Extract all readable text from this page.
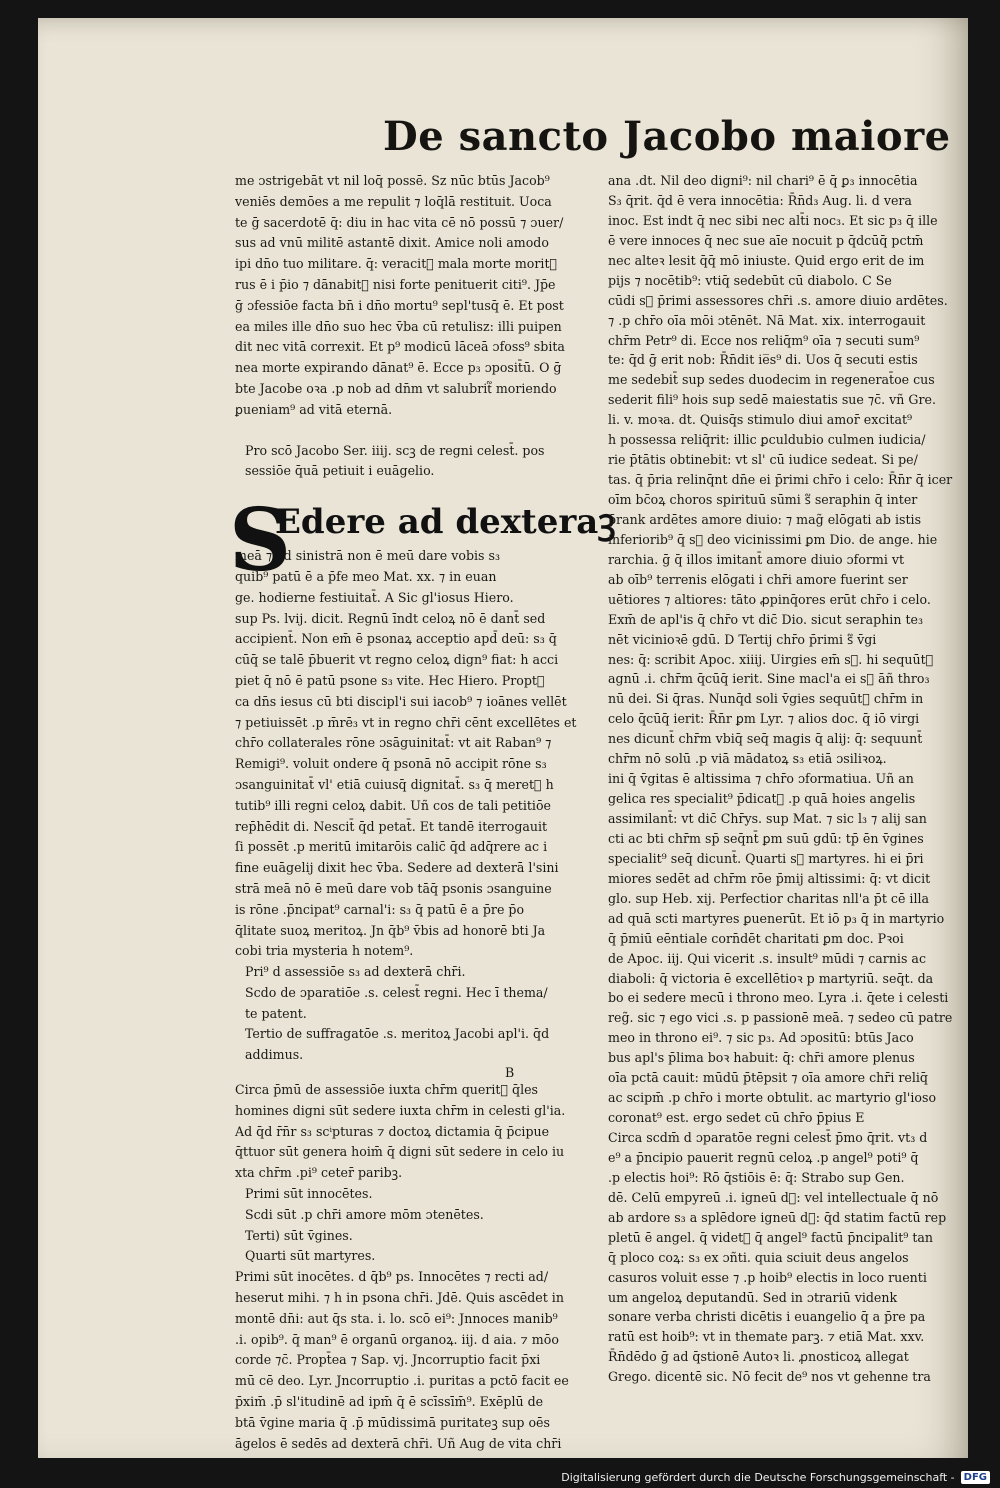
De sancto Jacobo maiore
me ɔstrigebāt vt nil loq̄ possē. Sz nūc btūs Jacob⁹
veniēs demōes a me repulit ⁊ loq̄lā restituit. Uoca
te ḡ sacerdotē q̄: diu in hac vita cē nō possū ⁊ ɔuer/
sus ad vnū militē astantē dixit. Amice noli amodo
ipi dn̄o tuo militare. q̄: veracit᷑ mala morte morit᷑
rus ē i p̄io ⁊ dānabit᷑ nisi forte penituerit citi⁹. Jp̄e
ḡ ɔfessiōe facta bn̄ i dn̄o mortu⁹ sepl'tusq̄ ē. Et post
ea miles ille dn̄o suo hec v̄ba cū retulisz: illi puipen
dit nec vitā correxit. Et p⁹ modicū lāceā ɔfoss⁹ sbita
nea morte expirando dānat⁹ ē. Ecce p₃ ɔposit̄ū. O ḡ
bte Jacobe oꝛa .p nob ad dn̄m vt salubrit᷑ moriendo
ꝑueniam⁹ ad vitā eternā.
Pro scō Jacobo Ser. iiij. scꝫ de regni celest̄. pos
sessiōe q̄uā petiuit i euāgelio.
S
Edere ad dexteraꝫ
meā ⁊ ad sinistrā non ē meū dare vobis s₃
quib⁹ patū ē a p̄fe meo Mat. xx. ⁊ in euan
ge. hodierne festiuitat̄. A Sic gl'iosus Hiero.
sup Ps. lvij. dicit. Regnū īndt celoꝝ nō ē dant̄ sed
accipient̄. Non em̄ ē psonaꝝ acceptio apd̄ deū: s₃ q̄
cūq̄ se talē p̄buerit vt regno celoꝝ dign⁹ fiat: h acci
piet q̄ nō ē patū psone s₃ vite. Hec Hiero. Propt᷑
ca dn̄s iesus cū bti discipl'i sui iacob⁹ ⁊ ioānes vellēt
⁊ petiuissēt .p m̄rē₃ vt in regno chr̄i cēnt excellētes et
chr̄o collaterales rōne ɔsāguinitat̄: vt ait Raban⁹ ⁊
Remigi⁹. voluit ondere q̄ psonā nō accipit rōne s₃
ɔsanguinitat̄ vl' etiā cuiusq̄ dignitat̄. s₃ q̄ meret᷑ h
tutib⁹ illi regni celoꝝ dabit. Uñ cos de tali petitiōe
rep̄hēdit di. Nescit̄ q̄d petat̄. Et tandē iterrogauit
ſi possēt .p meritū imitarōis calic̄ q̄d adq̄rere ac i
fine euāgelij dixit hec v̄ba. Sedere ad dexterā l'sini
strā meā nō ē meū dare vob tāq̄ psonis ɔsanguine
is rōne .p̄ncipat⁹ carnal'i: s₃ q̄ patū ē a p̄re p̄o
q̄litate suoꝝ meritoꝝ. Jn q̄b⁹ v̄bis ad honorē bti Ja
cobi tria mysteria h notem⁹.
Pri⁹ d assessiōe s₃ ad dexterā chr̄i.
Scdo de ɔparatiōe .s. celest̄ regni. Hec ī thema/
te patent.
Tertio de suffragatōe .s. meritoꝝ Jacobi apl'i. q̄d
addimus.
B
Circa p̄mū de assessiōe iuxta chr̄m querit᷑ q̄les
homines digni sūt sedere iuxta chr̄m in celesti gl'ia.
Ad q̄d r̄n̄r s₃ scⁱpturas ⁊ doctoꝝ dictamia q̄ p̄cipue
q̄ttuor sūt genera hoim̄ q̄ digni sūt sedere in celo iu
xta chr̄m .pi⁹ ceter̄ paribꝫ.
Primi sūt innocētes.
Scdi sūt .p chr̄i amore mōm ɔtenētes.
Terti) sūt v̄gines.
Quarti sūt martyres.
Primi sūt inocētes. d q̄b⁹ ps. Innocētes ⁊ recti ad/
heserut mihi. ⁊ h in psona chr̄i. Jdē. Quis ascēdet in
montē dn̄i: aut q̄s sta. i. lo. scō ei⁹: Jnnoces manib⁹
.i. opib⁹. q̄ man⁹ ē organū organoꝝ. iij. d aia. ⁊ mōo
corde ⁊c̄. Propt̄ea ⁊ Sap. vj. Jncorruptio facit p̄xi
mū cē deo. Lyr. Jncorruptio .i. puritas a pctō facit ee
p̄xim̄ .p̄ sl'itudinē ad ipm̄ q̄ ē scīssīm̄⁹. Exēplū de
btā v̄gine maria q̄ .p̄ mūdissimā puritateꝫ sup oēs
āgelos ē sedēs ad dexterā chr̄i. Uñ Aug de vita chr̄i
ana .dt. Nil deo digni⁹: nil chari⁹ ē q̄ ꝑ₃ innocētia
S₃ q̄rit. q̄d ē vera innocētia: R̄n̄d₃ Aug. li. d vera
inoc. Est indt q̄ nec sibi nec alt̄i noc₃. Et sic p₃ q̄ ille
ē vere innoces q̄ nec sue aīe nocuit p q̄dcūq̄ pctm̄
nec alteꝛ lesit q̄q̄ mō iniuste. Quid ergo erit de im
pijs ⁊ nocētib⁹: vtiq̄ sedebūt cū diabolo. C Se
cūdi s᷑ p̄rimi assessores chr̄i .s. amore diuio ardētes.
⁊ .p chr̄o oīa mōi ɔtēnēt. Nā Mat. xix. interrogauit
chr̄m Petr⁹ di. Ecce nos reliq̄m⁹ oīa ⁊ secuti sum⁹
te: q̄d ḡ erit nob: R̄n̄dit ie̅s⁹ di. Uos q̄ secuti estis
me sedebit̄ sup sedes duodecim in regenerat̄oe cus
sederit fili⁹ hois sup sedē maiestatis sue ⁊c̄. vñ Gre.
li. v. moꝛa. dt. Quisq̄s stimulo diui amor̄ excitat⁹
h possessa reliq̄rit: illic ꝑculdubio culmen iudicia/
rie p̄tātis obtinebit: vt sl' cū iudice sedeat. Si pe/
tas. q̄ p̄ria relinq̄nt dn̄e ei p̄rimi chr̄o i celo: R̄n̄r q̄ icer
oīm bc̄oꝝ choros spirituū sūmi s᷑ seraphin q̄ inter
p̄rank ardētes amore diuio: ⁊ mag̃ elōgati ab istis
inferiorib⁹ q̄ s᷑ deo vicinissimi ꝑm Dio. de ange. hie
rarchia. ḡ q̄ illos imitant̄ amore diuio ɔformi vt
ab oīb⁹ terrenis elōgati i chr̄i amore fuerint ser
uētiores ⁊ altiores: tāto ꝓpinq̄ores erūt chr̄o i celo.
Exm̄ de apl'is q̄ chr̄o vt dic̄ Dio. sicut seraphin te₃
nēt vicinioꝛē gdū. D Tertij chr̄o p̄rimi s᷑ v̄gi
nes: q̄: scribit Apoc. xiiij. Uirgies em̄ s᷑. hi sequūt᷑
agnū .i. chr̄m q̄cūq̄ ierit. Sine macl'a ei s᷑ āñ thro₃
nū dei. Si q̄ras. Nunq̄d soli v̄gies sequūt᷑ chr̄m in
celo q̄cūq̄ ierit: R̄n̄r ꝑm Lyr. ⁊ alios doc. q̄ iō virgi
nes dicunt̄ chr̄m vbiq̄ seq̄ magis q̄ alij: q̄: sequunt̄
chr̄m nō solū .p viā mādatoꝝ s₃ etiā ɔsiliꝛoꝝ.
ini q̄ v̄gitas ē altissima ⁊ chr̄o ɔformatiua. Uñ an
gelica res specialit⁹ p̄dicat᷑ .p quā hoies angelis
assimilant̄: vt dic̄ Chr̄ys. sup Mat. ⁊ sic l₃ ⁊ alij san
cti ac bti chr̄m sp̄ seq̄nt̄ ꝑm suū gdū: tp̄ ēn v̄gines
specialit⁹ seq̄ dicunt̄. Quarti s᷑ martyres. hi ei p̄ri
miores sedēt ad chr̄m rōe p̄mij altissimi: q̄: vt dicit
glo. sup Heb. xij. Perfectior charitas nll'a p̄t cē illa
ad quā scti martyres ꝑuenerūt. Et iō p₃ q̄ in martyrio
q̄ p̄miū eēntiale corn̄dēt charitati ꝑm doc. Pꝛoi
de Apoc. iij. Qui vicerit .s. insult⁹ mūdi ⁊ carnis ac
diaboli: q̄ victoria ē excellētioꝛ p martyriū. seq̄t. da
bo ei sedere mecū i throno meo. Lyra .i. q̄ete i celesti
reg̃. sic ⁊ ego vici .s. p passionē meā. ⁊ sedeo cū patre
meo in throno ei⁹. ⁊ sic p₃. Ad ɔpositū: btūs Jaco
bus apl's p̄lima boꝛ habuit: q̄: chr̄i amore plenus
oīa pctā cauit: mūdū p̄tēpsit ⁊ oīa amore chr̄i reliq̄
ac scipm̄ .p chr̄o i morte obtulit. ac martyrio gl'ioso
coronat⁹ est. ergo sedet cū chr̄o p̄pius E
Circa scdm̄ d ɔparatōe regni celest̄ p̄mo q̄rit. vt₃ d
e⁹ a p̄ncipio pauerit regnū celoꝝ .p angel⁹ poti⁹ q̄
.p electis hoi⁹: Rō q̄stiōis ē: q̄: Strabo sup Gen.
dē. Celū empyreū .i. igneū d᷑: vel intellectuale q̄ nō
ab ardore s₃ a splēdore igneū d᷑: q̄d statim factū rep
pletū ē angel. q̄ videt᷑ q̄ angel⁹ factū p̄ncipalit⁹ tan
q̄ ploco coꝝ: s₃ ex ɔñti. quia sciuit deus angelos
casuros voluit esse ⁊ .p hoib⁹ electis in loco ruenti
um angeloꝝ deputandū. Sed in ɔtrariū videnk
sonare verba christi dicētis i euangelio q̄ a p̄re pa
ratū est hoib⁹: vt in themate parꝫ. ⁊ etiā Mat. xxv.
R̄n̄dēdo ḡ ad q̄stionē Autoꝛ li. ꝓnosticoꝝ allegat
Grego. dicentē sic. Nō fecit de⁹ nos vt gehenne tra
Digitalisierung gefördert durch die Deutsche Forschungsgemeinschaft - DFG
